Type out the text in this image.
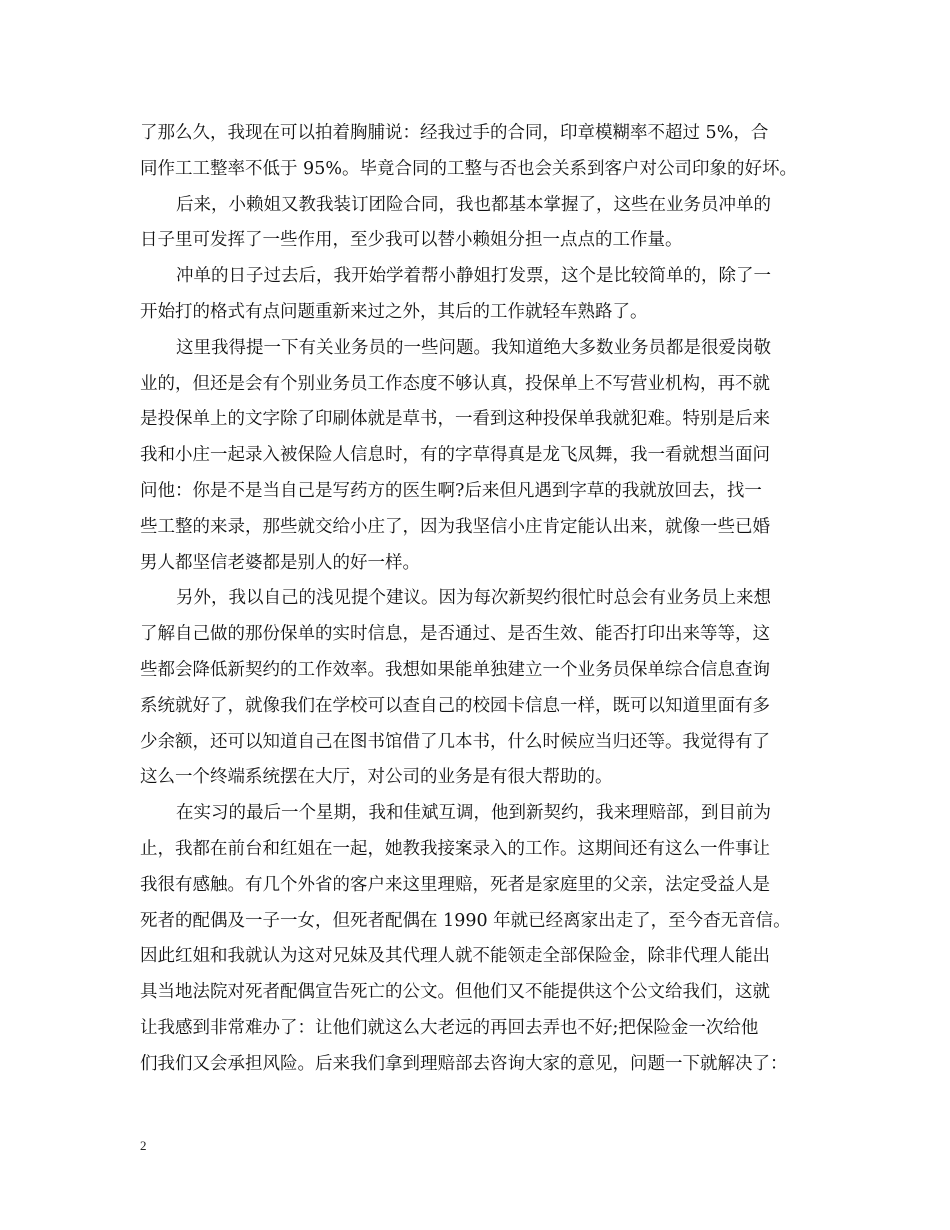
了那么久，我现在可以拍着胸脯说：经我过手的合同，印章模糊率不超过 5%，合
同作工工整率不低于 95%。毕竟合同的工整与否也会关系到客户对公司印象的好坏。
后来，小赖姐又教我装订团险合同，我也都基本掌握了，这些在业务员冲单的
日子里可发挥了一些作用，至少我可以替小赖姐分担一点点的工作量。
冲单的日子过去后，我开始学着帮小静姐打发票，这个是比较简单的，除了一
开始打的格式有点问题重新来过之外，其后的工作就轻车熟路了。
这里我得提一下有关业务员的一些问题。我知道绝大多数业务员都是很爱岗敬
业的，但还是会有个别业务员工作态度不够认真，投保单上不写营业机构，再不就
是投保单上的文字除了印刷体就是草书，一看到这种投保单我就犯难。特别是后来
我和小庄一起录入被保险人信息时，有的字草得真是龙飞凤舞，我一看就想当面问
问他：你是不是当自己是写药方的医生啊?后来但凡遇到字草的我就放回去，找一
些工整的来录，那些就交给小庄了，因为我坚信小庄肯定能认出来，就像一些已婚
男人都坚信老婆都是别人的好一样。
另外，我以自己的浅见提个建议。因为每次新契约很忙时总会有业务员上来想
了解自己做的那份保单的实时信息，是否通过、是否生效、能否打印出来等等，这
些都会降低新契约的工作效率。我想如果能单独建立一个业务员保单综合信息查询
系统就好了，就像我们在学校可以查自己的校园卡信息一样，既可以知道里面有多
少余额，还可以知道自己在图书馆借了几本书，什么时候应当归还等。我觉得有了
这么一个终端系统摆在大厅，对公司的业务是有很大帮助的。
在实习的最后一个星期，我和佳斌互调，他到新契约，我来理赔部，到目前为
止，我都在前台和红姐在一起，她教我接案录入的工作。这期间还有这么一件事让
我很有感触。有几个外省的客户来这里理赔，死者是家庭里的父亲，法定受益人是
死者的配偶及一子一女，但死者配偶在 1990 年就已经离家出走了，至今杳无音信。
因此红姐和我就认为这对兄妹及其代理人就不能领走全部保险金，除非代理人能出
具当地法院对死者配偶宣告死亡的公文。但他们又不能提供这个公文给我们，这就
让我感到非常难办了：让他们就这么大老远的再回去弄也不好;把保险金一次给他
们我们又会承担风险。后来我们拿到理赔部去咨询大家的意见，问题一下就解决了：
2
